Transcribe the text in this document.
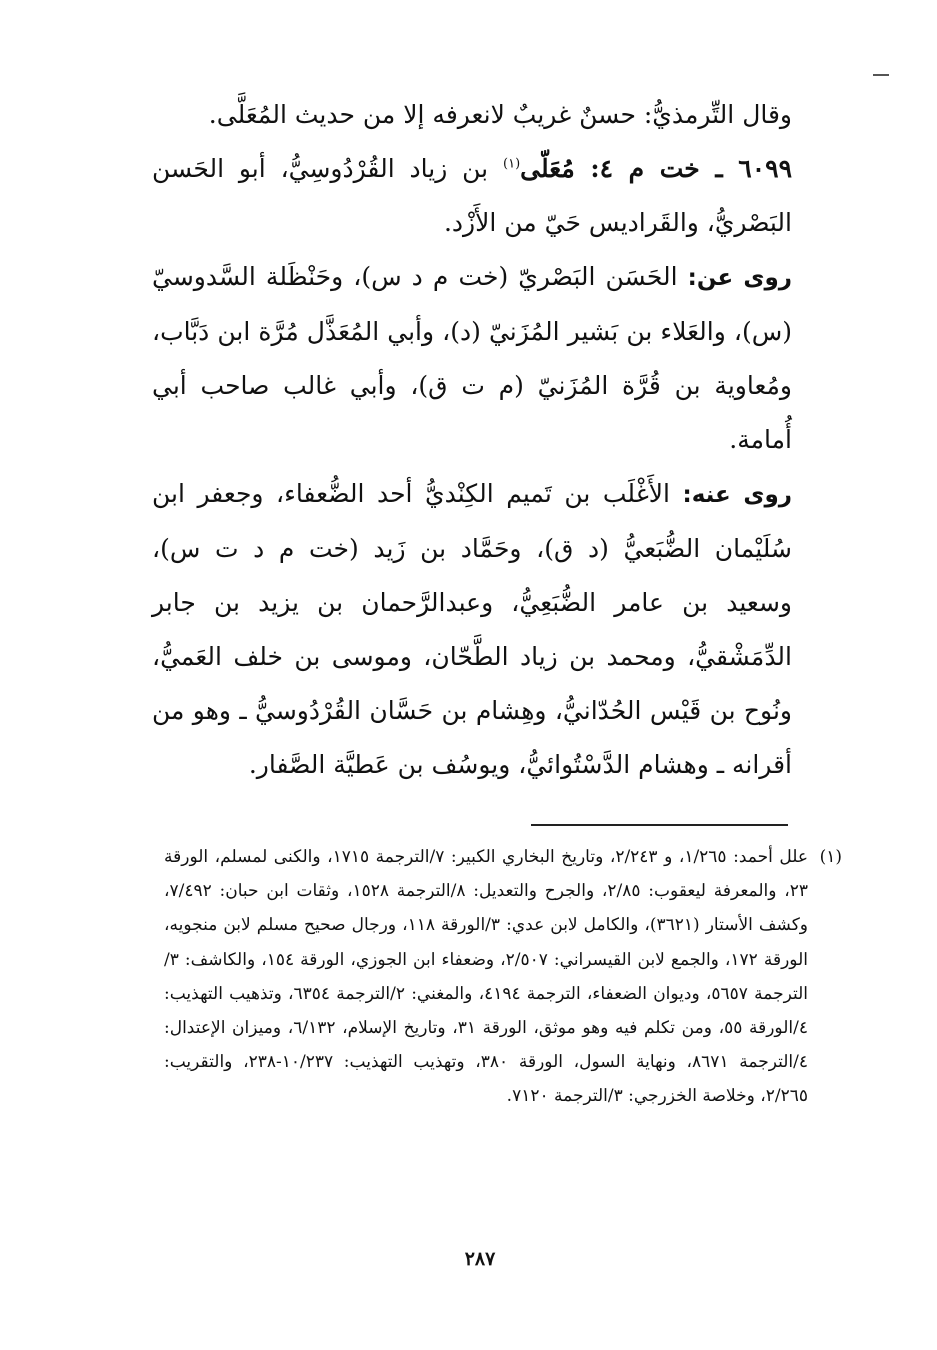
وقال التِّرمذيُّ: حسنٌ غريبٌ لانعرفه إلا من حديث المُعَلَّى.

٦٠٩٩ ـ خت م ٤: مُعَلّى$^{(١)}$ بن زياد القُرْدُوسِيُّ، أبو الحَسن البَصْريُّ، والقَراديس حَيّ من الأَزْد.

روى عن: الحَسَن البَصْريّ (خت م د س)، وحَنْظَلة السَّدوسيّ (س)، والعَلاء بن بَشير المُزَنيّ (د)، وأبي المُعَذَّل مُرَّة ابن دَبَّاب، ومُعاوية بن قُرَّة المُزَنيّ (م ت ق)، وأبي غالب صاحب أبي أُمامة.

روى عنه: الأَغْلَب بن تَميم الكِنْديُّ أحد الضُّعفاء، وجعفر ابن سُلَيْمان الضُّبَعيُّ (د ق)، وحَمَّاد بن زَيد (خت م د ت س)، وسعيد بن عامر الضُّبَعِيُّ، وعبدالرَّحمان بن يزيد بن جابر الدِّمَشْقيُّ، ومحمد بن زياد الطَّحّان، وموسى بن خلف العَميُّ، ونُوح بن قَيْس الحُدّانيُّ، وهِشام بن حَسَّان القُرْدُوسيُّ ـ وهو من أقرانه ـ وهشام الدَّسْتُوائيُّ، ويوسُف بن عَطيَّة الصَّفار.

(١)
علل أحمد: ١/٢٦٥، و ٢/٢٤٣، وتاريخ البخاري الكبير: ٧/الترجمة ١٧١٥، والكنى لمسلم، الورقة ٢٣، والمعرفة ليعقوب: ٢/٨٥، والجرح والتعديل: ٨/الترجمة ١٥٢٨، وثقات ابن حبان: ٧/٤٩٢، وكشف الأستار (٣٦٢١)، والكامل لابن عدي: ٣/الورقة ١١٨، ورجال صحيح مسلم لابن منجويه، الورقة ١٧٢، والجمع لابن القيسراني: ٢/٥٠٧، وضعفاء ابن الجوزي، الورقة ١٥٤، والكاشف: ٣/الترجمة ٥٦٥٧، وديوان الضعفاء، الترجمة ٤١٩٤، والمغني: ٢/الترجمة ٦٣٥٤، وتذهيب التهذيب: ٤/الورقة ٥٥، ومن تكلم فيه وهو موثق، الورقة ٣١، وتاريخ الإسلام، ٦/١٣٢، وميزان الإعتدال: ٤/الترجمة ٨٦٧١، ونهاية السول، الورقة ٣٨٠، وتهذيب التهذيب: ١٠/٢٣٧-٢٣٨، والتقريب: ٢/٢٦٥، وخلاصة الخزرجي: ٣/الترجمة ٧١٢٠.
٢٨٧
